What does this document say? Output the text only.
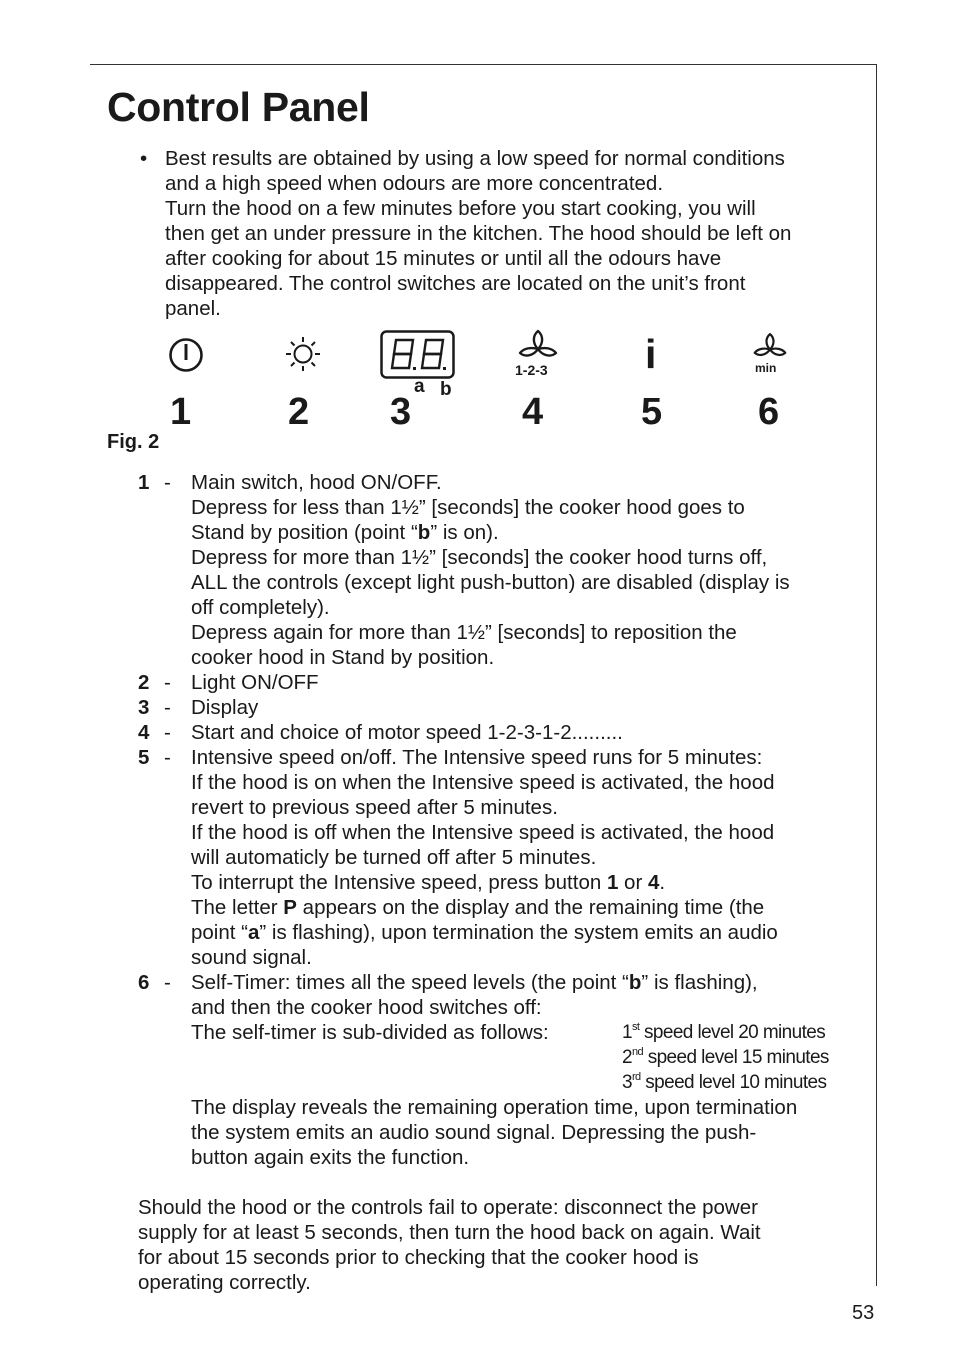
Control Panel
• Best results are obtained by using a low speed for normal conditions
and a high speed when odours are more concentrated.
Turn the hood on a few minutes before you start cooking, you will
then get an under pressure in the kitchen. The hood should be left on
after cooking for about 15 minutes or until all the odours have
disappeared. The control switches are located on the unit’s front
panel.
a b
1-2-3 i	min
1	2 3	4	5	6
Fig. 2
1 - Main switch, hood ON/OFF.
Depress for less than 1½” [seconds] the cooker hood goes to
Stand by position (point “b” is on).
Depress for more than 1½” [seconds] the cooker hood turns off,
ALL the controls (except light push-button) are disabled (display is
off completely).
Depress again for more than 1½” [seconds] to reposition the
cooker hood in Stand by position.
2 - Light ON/OFF
3 - Display
4 - Start and choice of motor speed 1-2-3-1-2.........
5 - Intensive speed on/off. The Intensive speed runs for 5 minutes:
If the hood is on when the Intensive speed is activated, the hood
revert to previous speed after 5 minutes.
If the hood is off when the Intensive speed is activated, the hood
will automaticly be turned off after 5 minutes.
To interrupt the Intensive speed, press button 1 or 4.
The letter P appears on the display and the remaining time (the
point “a” is flashing), upon termination the system emits an audio
sound signal.
6 - Self-Timer: times all the speed levels (the point “b” is flashing),
and then the cooker hood switches off:
The self-timer is sub-divided as follows:	1st speed level 20 minutes
2nd speed level 15 minutes
3rd speed level 10 minutes
The display reveals the remaining operation time, upon termination
the system emits an audio sound signal. Depressing the push-
button again exits the function.
Should the hood or the controls fail to operate: disconnect the power
supply for at least 5 seconds, then turn the hood back on again. Wait
for about 15 seconds prior to checking that the cooker hood is
operating correctly.
53
